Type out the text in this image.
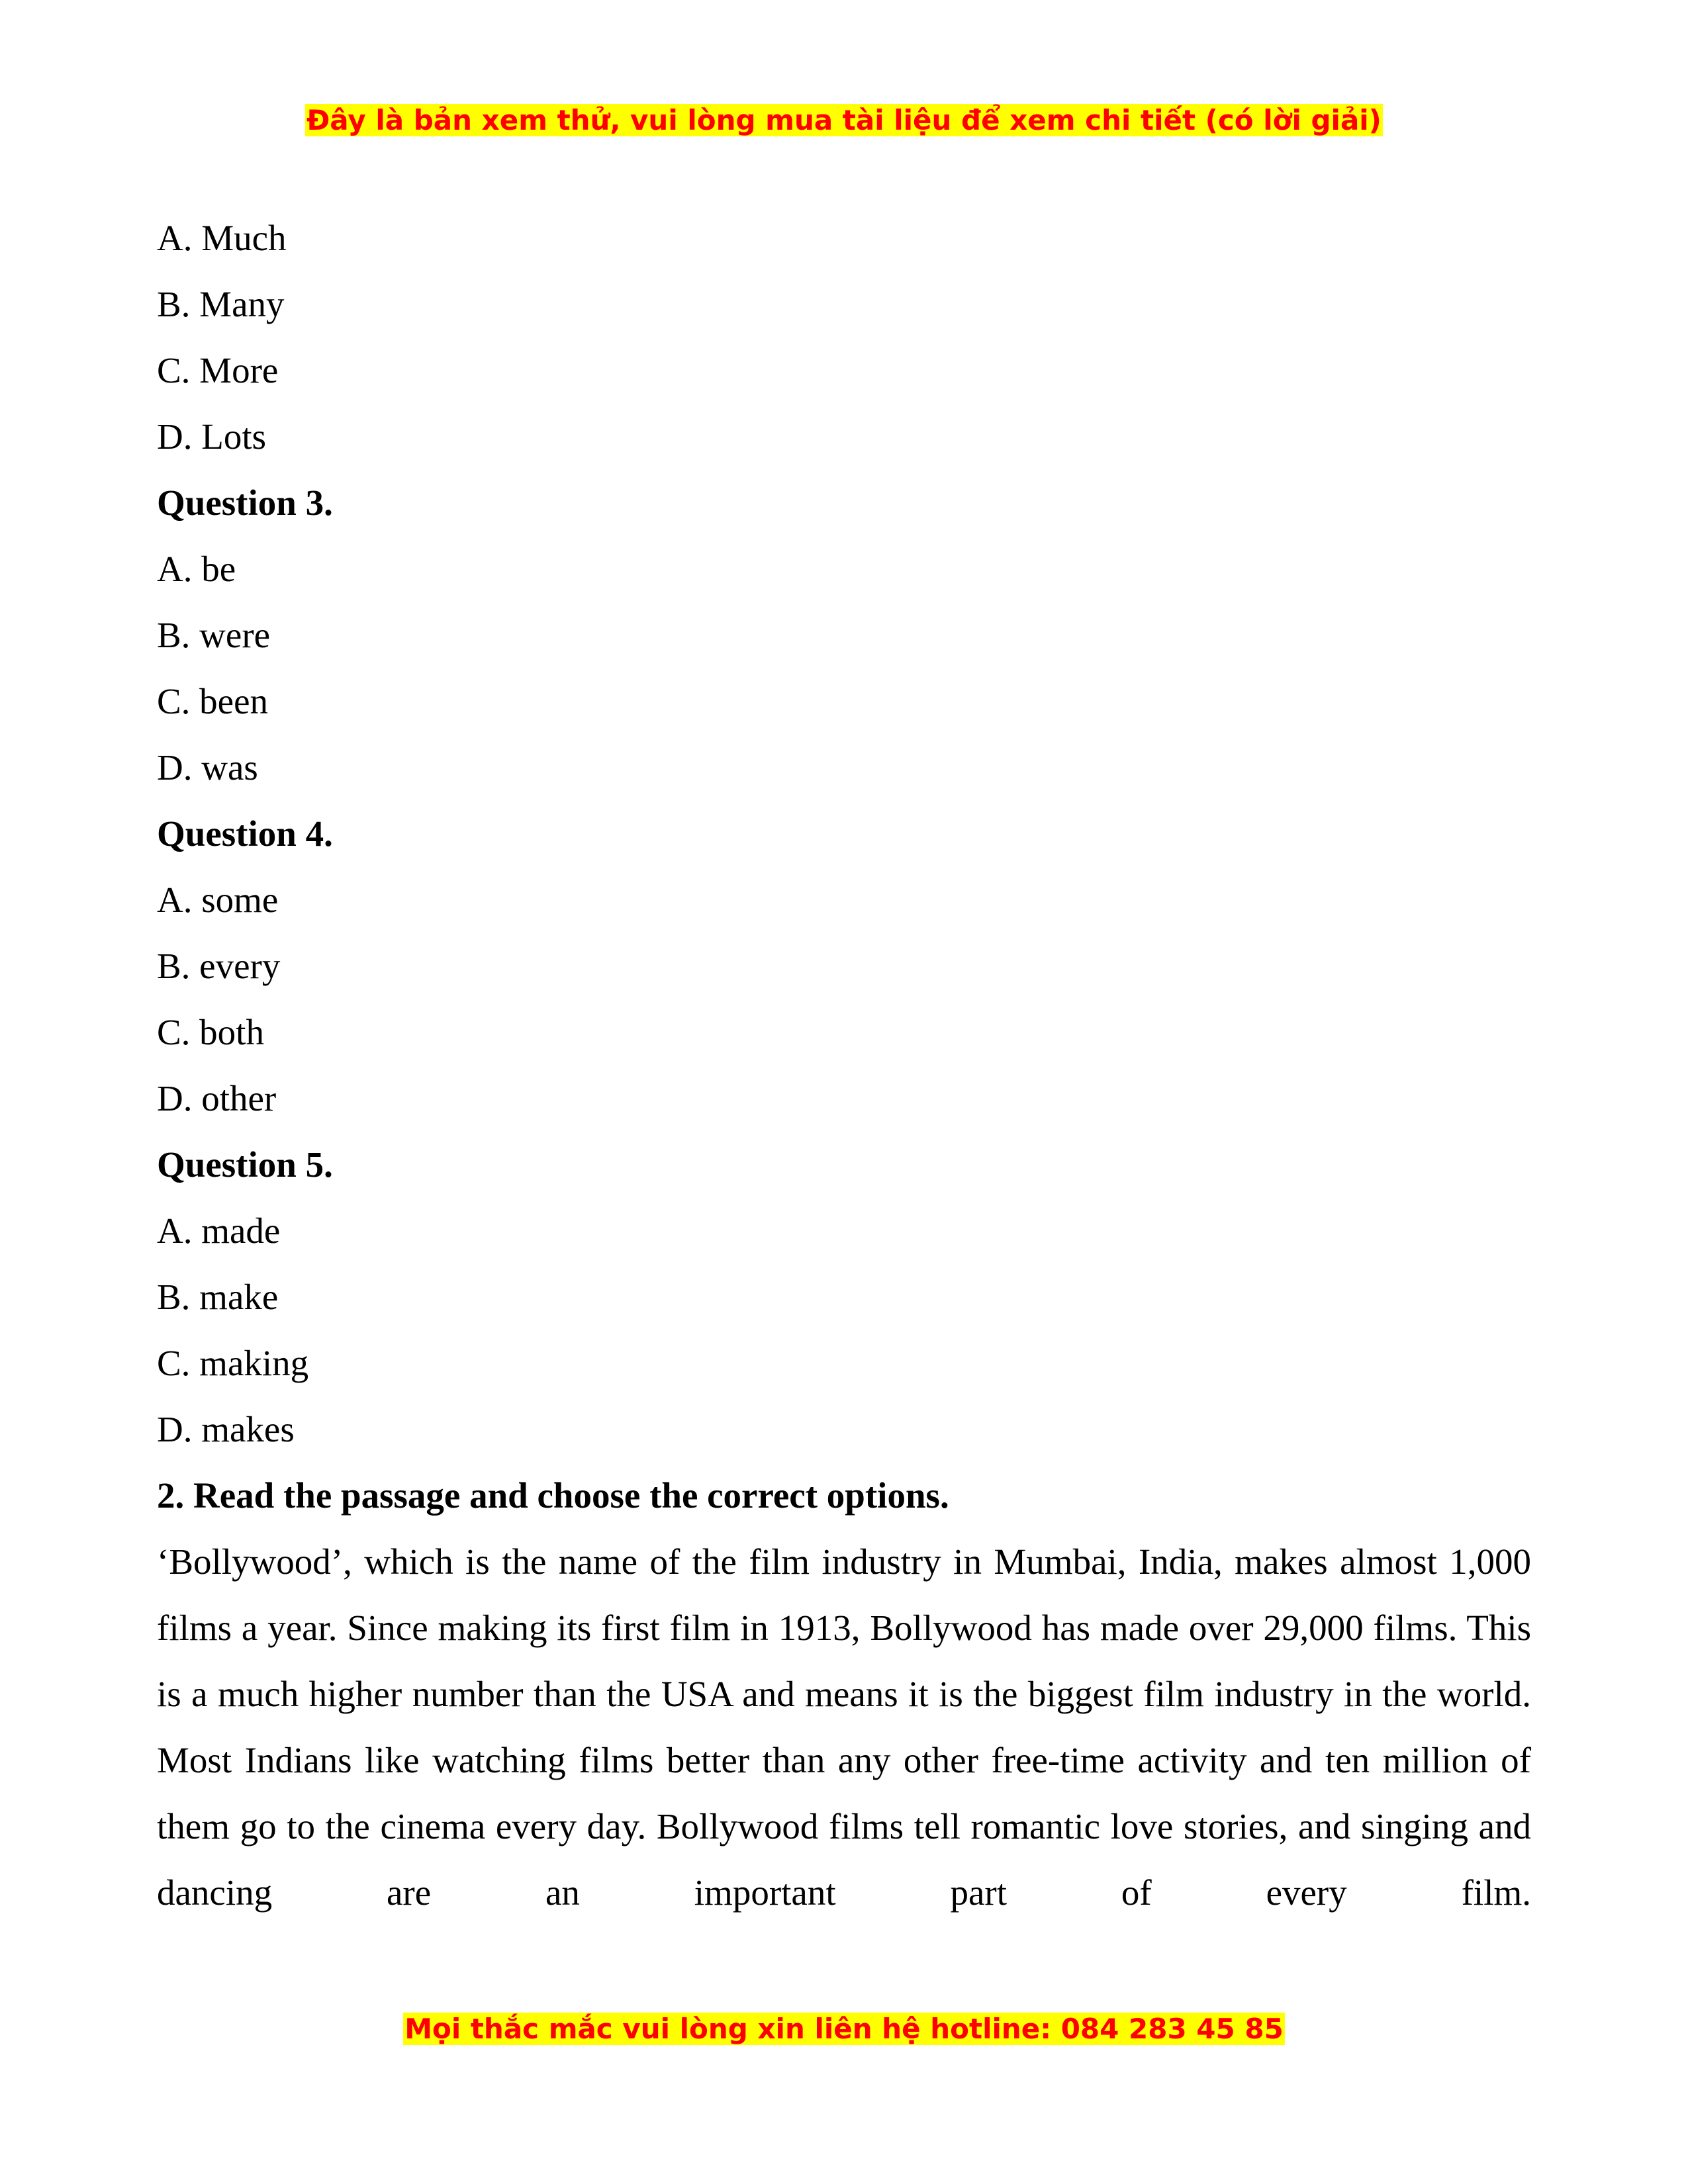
Đây là bản xem thử, vui lòng mua tài liệu để xem chi tiết (có lời giải)
A. Much
B. Many
C. More
D. Lots
Question 3.
A. be
B. were
C. been
D. was
Question 4.
A. some
B. every
C. both
D. other
Question 5.
A. made
B. make
C. making
D. makes
2. Read the passage and choose the correct options.

‘Bollywood’, which is the name of the film industry in Mumbai, India, makes almost 1,000 films a year. Since making its first film in 1913, Bollywood has made over 29,000 films. This is a much higher number than the USA and means it is the biggest film industry in the world. Most Indians like watching films better than any other free-time activity and ten million of them go to the cinema every day. Bollywood films tell romantic love stories, and singing and dancing are an important part of every film.

Mọi thắc mắc vui lòng xin liên hệ hotline: 084 283 45 85
